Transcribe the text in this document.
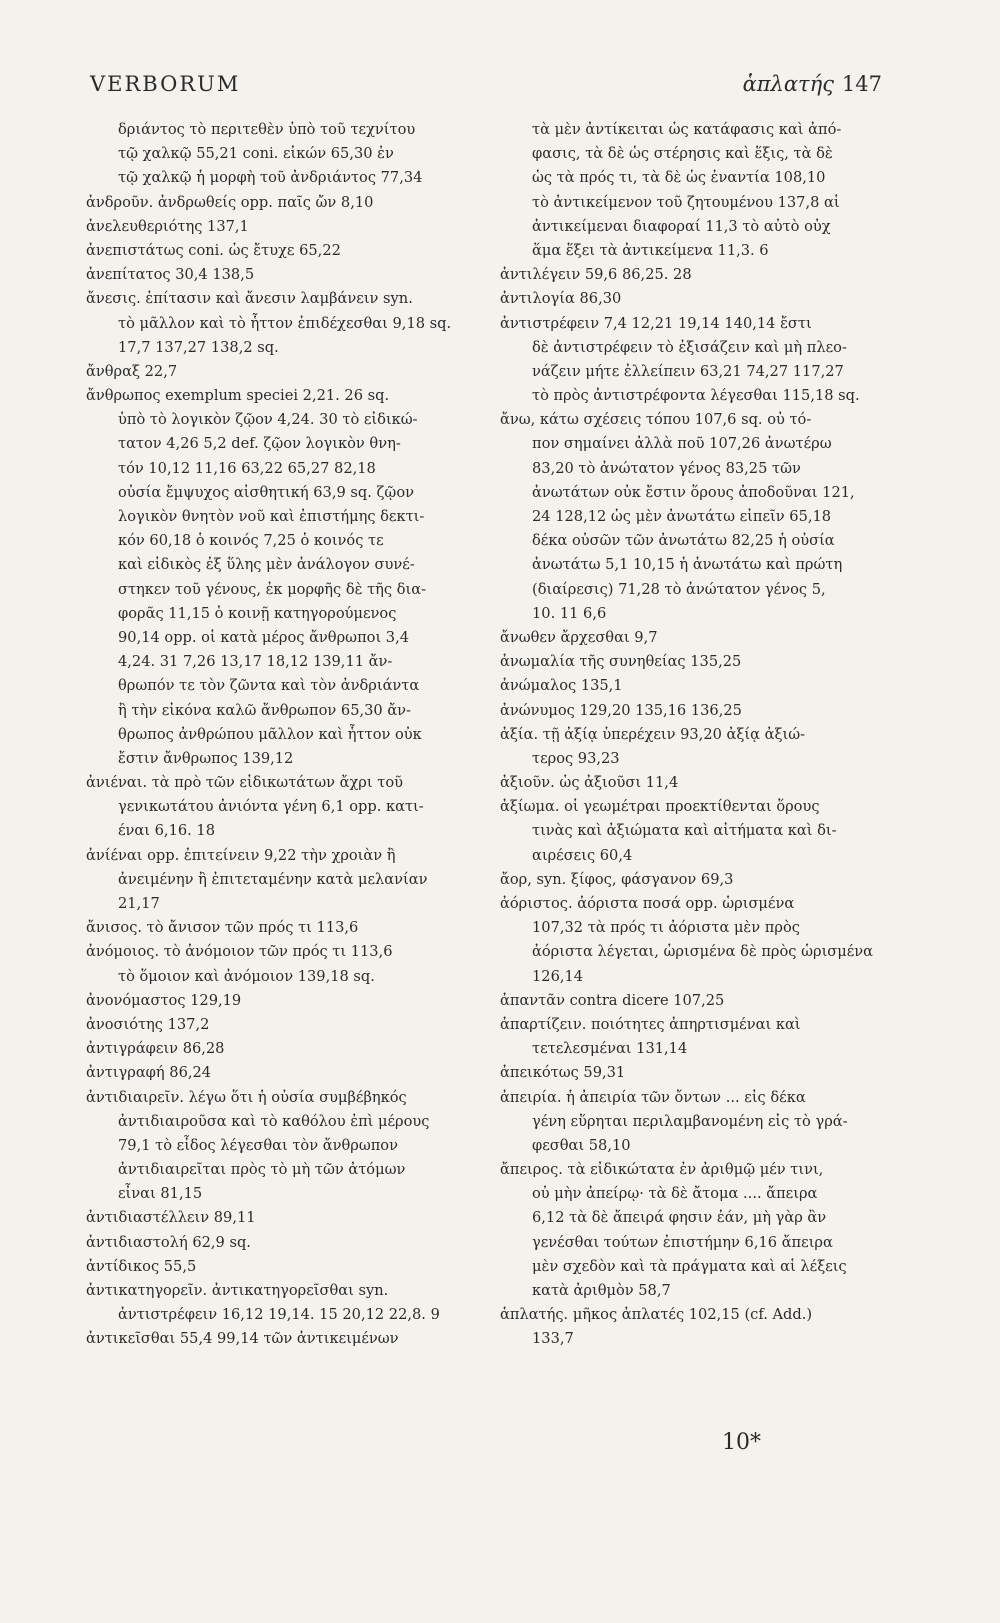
VERBORUM	ἁπλατής 147
δριάντος τὸ περιτεθὲν ὑπὸ τοῦ τεχνίτου
τῷ χαλκῷ 55,21 coni. εἰκών 65,30 ἐν
τῷ χαλκῷ ἡ μορφὴ τοῦ ἀνδριάντος 77,34
ἀνδροῦν. ἀνδρωθείς opp. παῖς ὤν 8,10
ἀνελευθεριότης 137,1
ἀνεπιστάτως coni. ὡς ἔτυχε 65,22
ἀνεπίτατος 30,4 138,5
ἄνεσις. ἐπίτασιν καὶ ἄνεσιν λαμβάνειν syn.
τὸ μᾶλλον καὶ τὸ ἧττον ἐπιδέχεσθαι 9,18 sq.
17,7 137,27 138,2 sq.
ἄνθραξ 22,7
ἄνθρωπος exemplum speciei 2,21. 26 sq.
ὑπὸ τὸ λογικὸν ζῷον 4,24. 30 τὸ εἰδικώ-
τατον 4,26 5,2 def. ζῷον λογικὸν θνη-
τόν 10,12 11,16 63,22 65,27 82,18
οὐσία ἔμψυχος αἰσθητική 63,9 sq. ζῷον
λογικὸν θνητὸν νοῦ καὶ ἐπιστήμης δεκτι-
κόν 60,18 ὁ κοινός 7,25 ὁ κοινός τε
καὶ εἰδικὸς ἐξ ὕλης μὲν ἀνάλογον συνέ-
στηκεν τοῦ γένους, ἐκ μορφῆς δὲ τῆς δια-
φορᾶς 11,15 ὁ κοινῇ κατηγορούμενος
90,14 opp. οἱ κατὰ μέρος ἄνθρωποι 3,4
4,24. 31 7,26 13,17 18,12 139,11 ἄν-
θρωπόν τε τὸν ζῶντα καὶ τὸν ἀνδριάντα
ἢ τὴν εἰκόνα καλῶ ἄνθρωπον 65,30 ἄν-
θρωπος ἀνθρώπου μᾶλλον καὶ ἧττον οὐκ
ἔστιν ἄνθρωπος 139,12
ἀνιέναι. τὰ πρὸ τῶν εἰδικωτάτων ἄχρι τοῦ
γενικωτάτου ἀνιόντα γένη 6,1 opp. κατι-
έναι 6,16. 18
ἀνίέναι opp. ἐπιτείνειν 9,22 τὴν χροιὰν ἢ
ἀνειμένην ἢ ἐπιτεταμένην κατὰ μελανίαν
21,17
ἄνισος. τὸ ἄνισον τῶν πρός τι 113,6
ἀνόμοιος. τὸ ἀνόμοιον τῶν πρός τι 113,6
τὸ ὅμοιον καὶ ἀνόμοιον 139,18 sq.
ἀνονόμαστος 129,19
ἀνοσιότης 137,2
ἀντιγράφειν 86,28
ἀντιγραφή 86,24
ἀντιδιαιρεῖν. λέγω ὅτι ἡ οὐσία συμβέβηκός
ἀντιδιαιροῦσα καὶ τὸ καθόλου ἐπὶ μέρους
79,1 τὸ εἶδος λέγεσθαι τὸν ἄνθρωπον
ἀντιδιαιρεῖται πρὸς τὸ μὴ τῶν ἀτόμων
εἶναι 81,15
ἀντιδιαστέλλειν 89,11
ἀντιδιαστολή 62,9 sq.
ἀντίδικος 55,5
ἀντικατηγορεῖν. ἀντικατηγορεῖσθαι syn.
ἀντιστρέφειν 16,12 19,14. 15 20,12 22,8. 9
ἀντικεῖσθαι 55,4 99,14 τῶν ἀντικειμένων
τὰ μὲν ἀντίκειται ὡς κατάφασις καὶ ἀπό-
φασις, τὰ δὲ ὡς στέρησις καὶ ἕξις, τὰ δὲ
ὡς τὰ πρός τι, τὰ δὲ ὡς ἐναντία 108,10
τὸ ἀντικείμενον τοῦ ζητουμένου 137,8 αἱ
ἀντικείμεναι διαφοραί 11,3 τὸ αὐτὸ οὐχ
ἅμα ἕξει τὰ ἀντικείμενα 11,3. 6
ἀντιλέγειν 59,6 86,25. 28
ἀντιλογία 86,30
ἀντιστρέφειν 7,4 12,21 19,14 140,14 ἔστι
δὲ ἀντιστρέφειν τὸ ἐξισάζειν καὶ μὴ πλεο-
νάζειν μήτε ἐλλείπειν 63,21 74,27 117,27
τὸ πρὸς ἀντιστρέφοντα λέγεσθαι 115,18 sq.
ἄνω, κάτω σχέσεις τόπου 107,6 sq. οὐ τό-
πον σημαίνει ἀλλὰ ποῦ 107,26 ἀνωτέρω
83,20 τὸ ἀνώτατον γένος 83,25 τῶν
ἀνωτάτων οὐκ ἔστιν ὅρους ἀποδοῦναι 121,
24 128,12 ὡς μὲν ἀνωτάτω εἰπεῖν 65,18
δέκα οὐσῶν τῶν ἀνωτάτω 82,25 ἡ οὐσία
ἀνωτάτω 5,1 10,15 ἡ ἀνωτάτω καὶ πρώτη
(διαίρεσις) 71,28 τὸ ἀνώτατον γένος 5,
10. 11 6,6
ἄνωθεν ἄρχεσθαι 9,7
ἀνωμαλία τῆς συνηθείας 135,25
ἀνώμαλος 135,1
ἀνώνυμος 129,20 135,16 136,25
ἀξία. τῇ ἀξίᾳ ὑπερέχειν 93,20 ἀξίᾳ ἀξιώ-
τερος 93,23
ἀξιοῦν. ὡς ἀξιοῦσι 11,4
ἀξίωμα. οἱ γεωμέτραι προεκτίθενται ὅρους
τινὰς καὶ ἀξιώματα καὶ αἰτήματα καὶ δι-
αιρέσεις 60,4
ἄορ, syn. ξίφος, φάσγανον 69,3
ἀόριστος. ἀόριστα ποσά opp. ὡρισμένα
107,32 τὰ πρός τι ἀόριστα μὲν πρὸς
ἀόριστα λέγεται, ὡρισμένα δὲ πρὸς ὡρισμένα
126,14
ἀπαντᾶν contra dicere 107,25
ἀπαρτίζειν. ποιότητες ἀπηρτισμέναι καὶ
τετελεσμέναι 131,14
ἀπεικότως 59,31
ἀπειρία. ἡ ἀπειρία τῶν ὄντων ... εἰς δέκα
γένη εὕρηται περιλαμβανομένη εἰς τὸ γρά-
φεσθαι 58,10
ἄπειρος. τὰ εἰδικώτατα ἐν ἀριθμῷ μέν τινι,
οὐ μὴν ἀπείρῳ· τὰ δὲ ἄτομα .... ἄπειρα
6,12 τὰ δὲ ἄπειρά φησιν ἐάν, μὴ γὰρ ἂν
γενέσθαι τούτων ἐπιστήμην 6,16 ἄπειρα
μὲν σχεδὸν καὶ τὰ πράγματα καὶ αἱ λέξεις
κατὰ ἀριθμὸν 58,7
ἁπλατής. μῆκος ἀπλατές 102,15 (cf. Add.)
133,7
10*
